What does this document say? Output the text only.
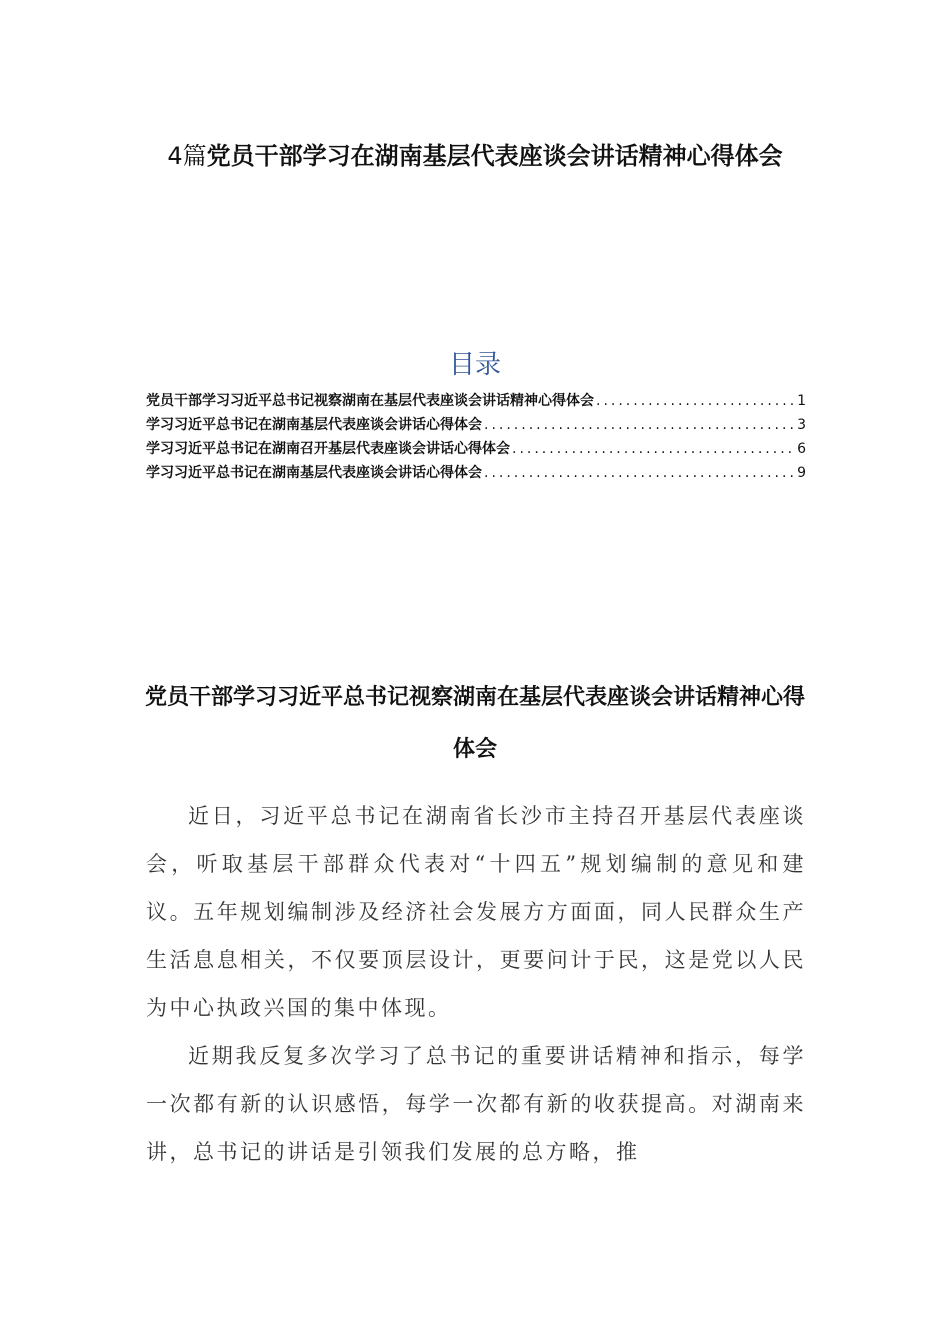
4篇党员干部学习在湖南基层代表座谈会讲话精神心得体会
目录
党员干部学习习近平总书记视察湖南在基层代表座谈会讲话精神心得体会 .....	1
学习习近平总书记在湖南基层代表座谈会讲话心得体会 .....	3
学习习近平总书记在湖南召开基层代表座谈会讲话心得体会 .....	6
学习习近平总书记在湖南基层代表座谈会讲话心得体会 .....	9
党员干部学习习近平总书记视察湖南在基层代表座谈会讲话精神心得体会

近日，习近平总书记在湖南省长沙市主持召开基层代表座谈会，听取基层干部群众代表对“十四五”规划编制的意见和建议。五年规划编制涉及经济社会发展方方面面，同人民群众生产生活息息相关，不仅要顶层设计，更要问计于民，这是党以人民为中心执政兴国的集中体现。

近期我反复多次学习了总书记的重要讲话精神和指示，每学一次都有新的认识感悟，每学一次都有新的收获提高。对湖南来讲，总书记的讲话是引领我们发展的总方略，推
